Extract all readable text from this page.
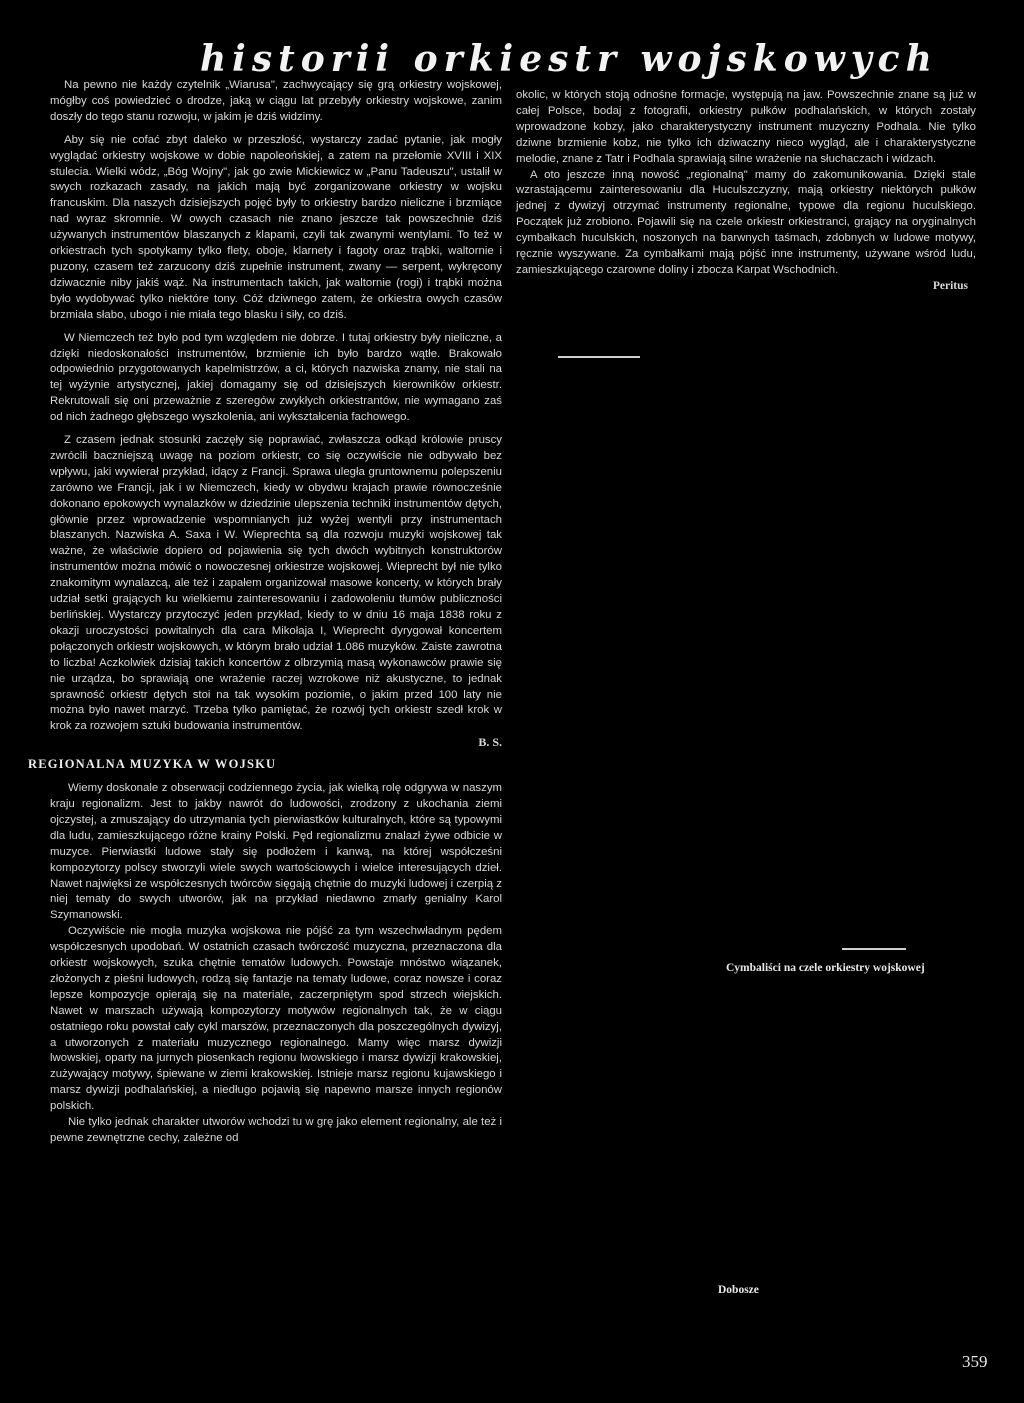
historii orkiestr wojskowych

Na pewno nie każdy czytelnik „Wiarusa", zachwycający się grą orkiestry wojskowej, mógłby coś powiedzieć o drodze, jaką w ciągu lat przebyły orkiestry wojskowe, zanim doszły do tego stanu rozwoju, w jakim je dziś widzimy.

Aby się nie cofać zbyt daleko w przeszłość, wystarczy zadać pytanie, jak mogły wyglądać orkiestry wojskowe w dobie napoleońskiej, a zatem na przełomie XVIII i XIX stulecia. Wielki wódz, „Bóg Wojny", jak go zwie Mickiewicz w „Panu Tadeuszu", ustalił w swych rozkazach zasady, na jakich mają być zorganizowane orkiestry w wojsku francuskim. Dla naszych dzisiejszych pojęć były to orkiestry bardzo nieliczne i brzmiące nad wyraz skromnie. W owych czasach nie znano jeszcze tak powszechnie dziś używanych instrumentów blaszanych z klapami, czyli tak zwanymi wentylami. To też w orkiestrach tych spotykamy tylko flety, oboje, klarnety i fagoty oraz trąbki, waltornie i puzony, czasem też zarzucony dziś zupełnie instrument, zwany — serpent, wykręcony dziwacznie niby jakiś wąż. Na instrumentach takich, jak waltornie (rogi) i trąbki można było wydobywać tylko niektóre tony. Cóż dziwnego zatem, że orkiestra owych czasów brzmiała słabo, ubogo i nie miała tego blasku i siły, co dziś.

W Niemczech też było pod tym względem nie dobrze. I tutaj orkiestry były nieliczne, a dzięki niedoskonałości instrumentów, brzmienie ich było bardzo wątłe. Brakowało odpowiednio przygotowanych kapelmistrzów, a ci, których nazwiska znamy, nie stali na tej wyżynie artystycznej, jakiej domagamy się od dzisiejszych kierowników orkiestr. Rekrutowali się oni przeważnie z szeregów zwykłych orkiestrantów, nie wymagano zaś od nich żadnego głębszego wyszkolenia, ani wykształcenia fachowego.

Z czasem jednak stosunki zaczęły się poprawiać, zwłaszcza odkąd królowie pruscy zwrócili baczniejszą uwagę na poziom orkiestr, co się oczywiście nie odbywało bez wpływu, jaki wywierał przykład, idący z Francji. Sprawa uległa gruntownemu polepszeniu zarówno we Francji, jak i w Niemczech, kiedy w obydwu krajach prawie równocześnie dokonano epokowych wynalazków w dziedzinie ulepszenia techniki instrumentów dętych, głównie przez wprowadzenie wspomnianych już wyżej wentyli przy instrumentach blaszanych. Nazwiska A. Saxa i W. Wieprechta są dla rozwoju muzyki wojskowej tak ważne, że właściwie dopiero od pojawienia się tych dwóch wybitnych konstruktorów instrumentów można mówić o nowoczesnej orkiestrze wojskowej. Wieprecht był nie tylko znakomitym wynalazcą, ale też i zapałem organizował masowe koncerty, w których brały udział setki grających ku wielkiemu zainteresowaniu i zadowoleniu tłumów publiczności berlińskiej. Wystarczy przytoczyć jeden przykład, kiedy to w dniu 16 maja 1838 roku z okazji uroczystości powitalnych dla cara Mikołaja I, Wieprecht dyrygował koncertem połączonych orkiestr wojskowych, w którym brało udział 1.086 muzyków. Zaiste zawrotna to liczba! Aczkolwiek dzisiaj takich koncertów z olbrzymią masą wykonawców prawie się nie urządza, bo sprawiają one wrażenie raczej wzrokowe niż akustyczne, to jednak sprawność orkiestr dętych stoi na tak wysokim poziomie, o jakim przed 100 laty nie można było nawet marzyć. Trzeba tylko pamiętać, że rozwój tych orkiestr szedł krok w krok za rozwojem sztuki budowania instrumentów.

B. S.

REGIONALNA MUZYKA W WOJSKU

Wiemy doskonale z obserwacji codziennego życia, jak wielką rolę odgrywa w naszym kraju regionalizm. Jest to jakby nawrót do ludowości, zrodzony z ukochania ziemi ojczystej, a zmuszający do utrzymania tych pierwiastków kulturalnych, które są typowymi dla ludu, zamieszkującego różne krainy Polski. Pęd regionalizmu znalazł żywe odbicie w muzyce. Pierwiastki ludowe stały się podłożem i kanwą, na której współcześni kompozytorzy polscy stworzyli wiele swych wartościowych i wielce interesujących dzieł. Nawet najwięksi ze współczesnych twórców sięgają chętnie do muzyki ludowej i czerpią z niej tematy do swych utworów, jak na przykład niedawno zmarły genialny Karol Szymanowski.

Oczywiście nie mogła muzyka wojskowa nie pójść za tym wszechwładnym pędem współczesnych upodobań. W ostatnich czasach twórczość muzyczna, przeznaczona dla orkiestr wojskowych, szuka chętnie tematów ludowych. Powstaje mnóstwo wiązanek, złożonych z pieśni ludowych, rodzą się fantazje na tematy ludowe, coraz nowsze i coraz lepsze kompozycje opierają się na materiale, zaczerpniętym spod strzech wiejskich. Nawet w marszach używają kompozytorzy motywów regionalnych tak, że w ciągu ostatniego roku powstał cały cykl marszów, przeznaczonych dla poszczególnych dywizyj, a utworzonych z materiału muzycznego regionalnego. Mamy więc marsz dywizji lwowskiej, oparty na jurnych piosenkach regionu lwowskiego i marsz dywizji krakowskiej, zużywający motywy, śpiewane w ziemi krakowskiej. Istnieje marsz regionu kujawskiego i marsz dywizji podhalańskiej, a niedługo pojawią się napewno marsze innych regionów polskich.

Nie tylko jednak charakter utworów wchodzi tu w grę jako element regionalny, ale też i pewne zewnętrzne cechy, zależne od

okolic, w których stoją odnośne formacje, występują na jaw. Powszechnie znane są już w całej Polsce, bodaj z fotografii, orkiestry pułków podhalańskich, w których zostały wprowadzone kobzy, jako charakterystyczny instrument muzyczny Podhala. Nie tylko dziwne brzmienie kobz, nie tylko ich dziwaczny nieco wygląd, ale i charakterystyczne melodie, znane z Tatr i Podhala sprawiają silne wrażenie na słuchaczach i widzach.

A oto jeszcze inną nowość „regionalną" mamy do zakomunikowania. Dzięki stale wzrastającemu zainteresowaniu dla Huculszczyzny, mają orkiestry niektórych pułków jednej z dywizyj otrzymać instrumenty regionalne, typowe dla regionu huculskiego. Początek już zrobiono. Pojawili się na czele orkiestr orkiestranci, grający na oryginalnych cymbałkach huculskich, noszonych na barwnych taśmach, zdobnych w ludowe motywy, ręcznie wyszywane. Za cymbałkami mają pójść inne instrumenty, używane wśród ludu, zamieszkującego czarowne doliny i zbocza Karpat Wschodnich.

Peritus

Cymbaliści na czele orkiestry wojskowej
Dobosze
359
